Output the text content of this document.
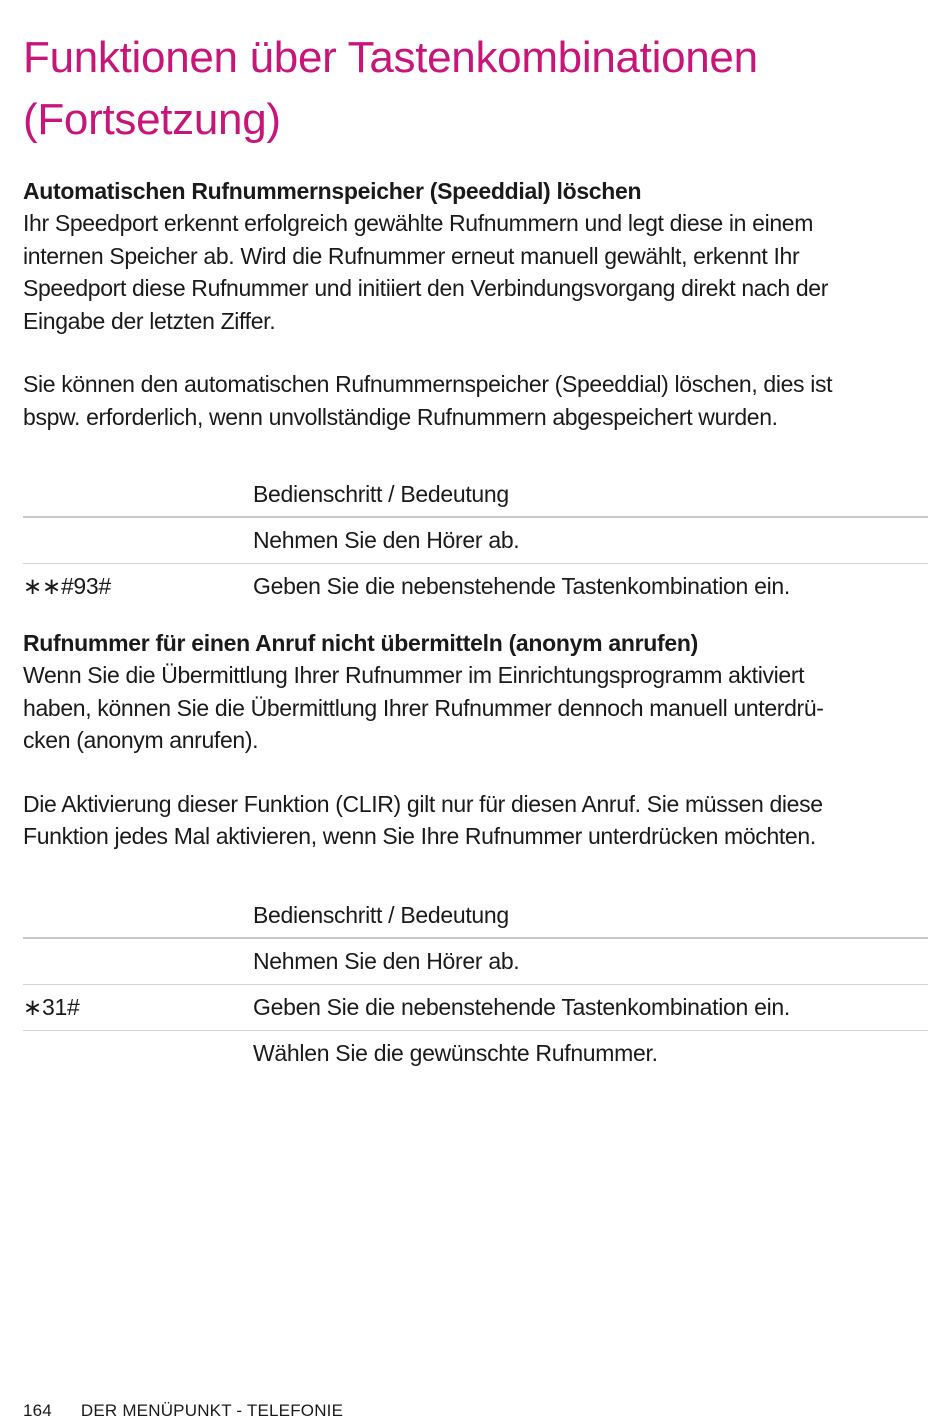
Funktionen über Tastenkombinationen
(Fortsetzung)

Automatischen Rufnummernspeicher (Speeddial) löschen

Ihr Speedport erkennt erfolgreich gewählte Rufnummern und legt diese in einem
internen Speicher ab. Wird die Rufnummer erneut manuell gewählt, erkennt Ihr
Speedport diese Rufnummer und initiiert den Verbindungsvorgang direkt nach der
Eingabe der letzten Ziffer.

Sie können den automatischen Rufnummernspeicher (Speeddial) löschen, dies ist
bspw. erforderlich, wenn unvollständige Rufnummern abgespeichert wurden.

	Bedienschritt / Bedeutung
	Nehmen Sie den Hörer ab.
∗∗#93#	Geben Sie die nebenstehende Tastenkombination ein.

Rufnummer für einen Anruf nicht übermitteln (anonym anrufen)

Wenn Sie die Übermittlung Ihrer Rufnummer im Einrichtungsprogramm aktiviert
haben, können Sie die Übermittlung Ihrer Rufnummer dennoch manuell unterdrü-
cken (anonym anrufen).

Die Aktivierung dieser Funktion (CLIR) gilt nur für diesen Anruf. Sie müssen diese
Funktion jedes Mal aktivieren, wenn Sie Ihre Rufnummer unterdrücken möchten.

	Bedienschritt / Bedeutung
	Nehmen Sie den Hörer ab.
∗31#	Geben Sie die nebenstehende Tastenkombination ein.
	Wählen Sie die gewünschte Rufnummer.
164 DER MENÜPUNKT - TELEFONIE
